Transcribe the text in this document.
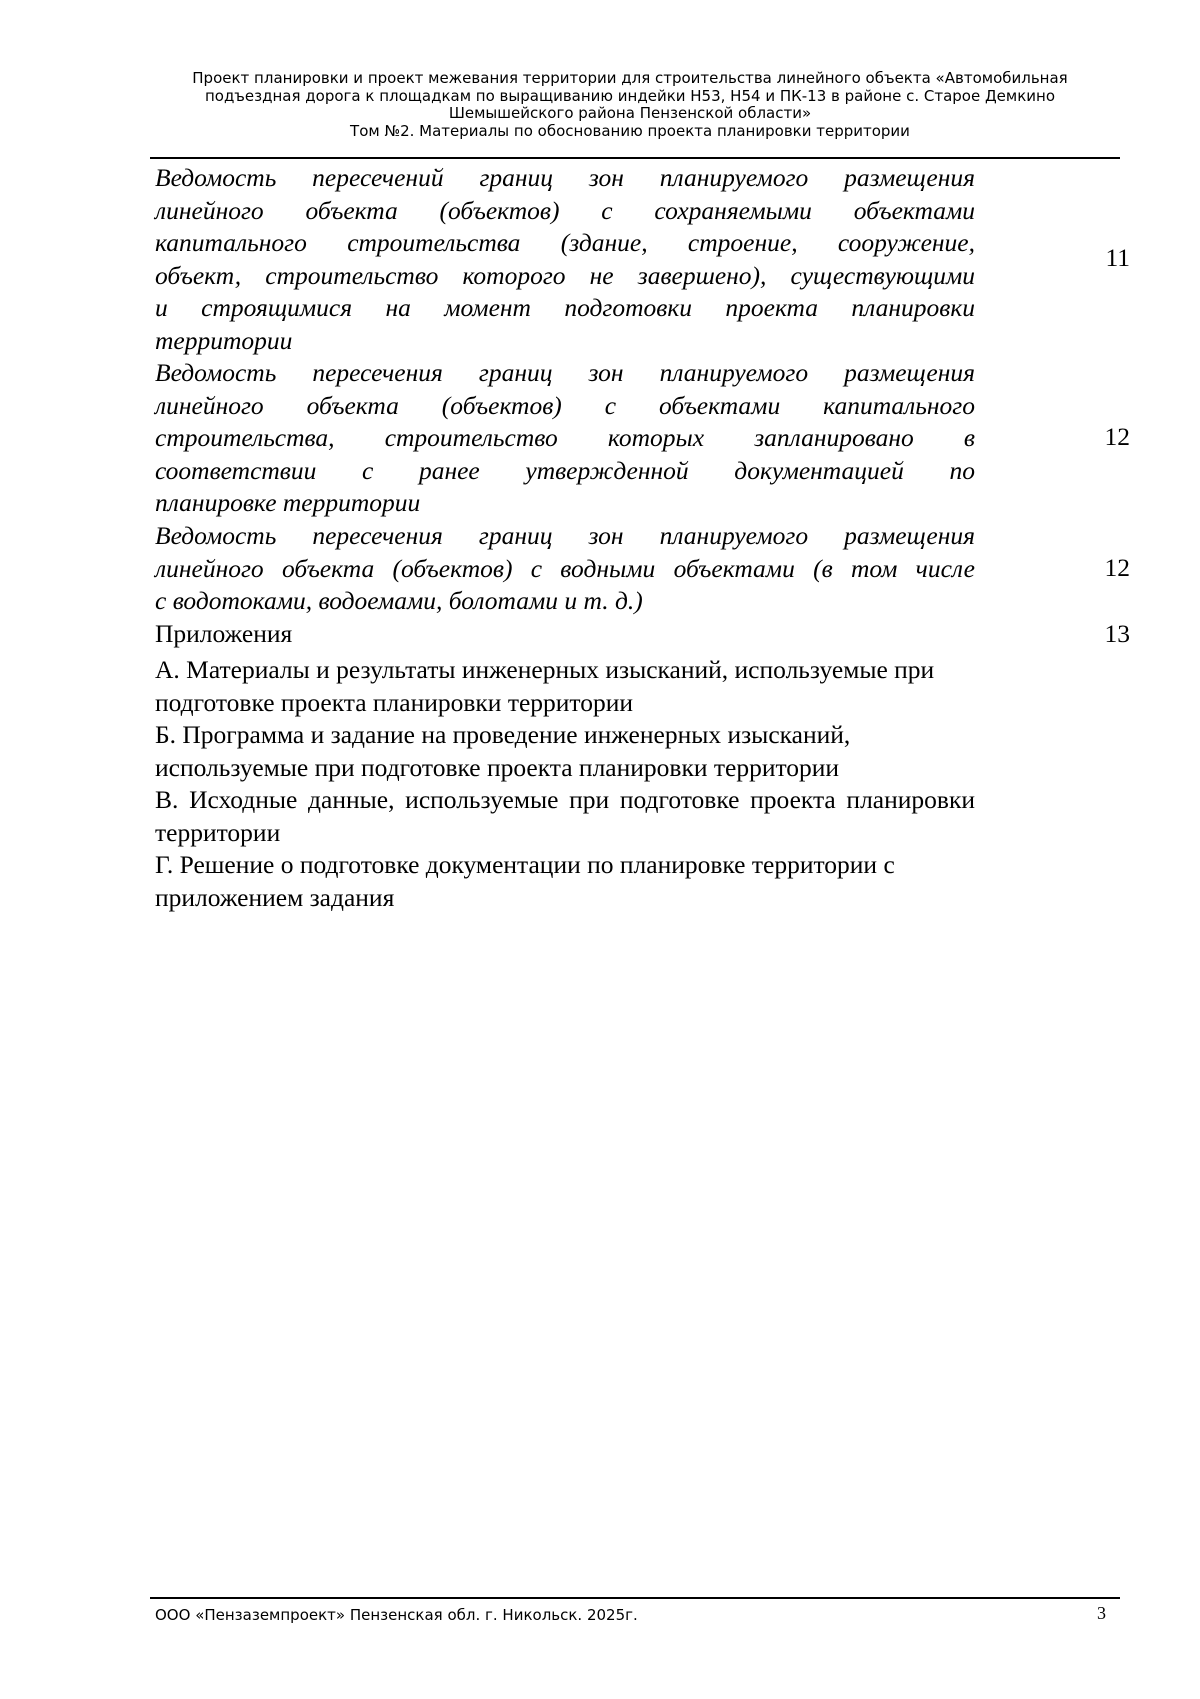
Проект планировки и проект межевания территории для строительства линейного объекта «Автомобильная
подъездная дорога к площадкам по выращиванию индейки Н53, Н54 и ПК-13 в районе с. Старое Демкино
Шемышейского района Пензенской области»
Том №2. Материалы по обоснованию проекта планировки территории
Ведомость пересечений границ зон планируемого размещения
линейного объекта (объектов) с сохраняемыми объектами
капитального строительства (здание, строение, сооружение,
объект, строительство которого не завершено), существующими
и строящимися на момент подготовки проекта планировки
территории
11
Ведомость пересечения границ зон планируемого размещения
линейного объекта (объектов) с объектами капитального
строительства, строительство которых запланировано в
соответствии с ранее утвержденной документацией по
планировке территории
12
Ведомость пересечения границ зон планируемого размещения
линейного объекта (объектов) с водными объектами (в том числе
с водотоками, водоемами, болотами и т. д.)
12
Приложения	13
А. Материалы и результаты инженерных изысканий, используемые при подготовке проекта планировки территории
Б. Программа и задание на проведение инженерных изысканий, используемые при подготовке проекта планировки территории
В. Исходные данные, используемые при подготовке проекта планировки территории
Г. Решение о подготовке документации по планировке территории с приложением задания
ООО «Пензаземпроект» Пензенская обл. г. Никольск. 2025г.	3
